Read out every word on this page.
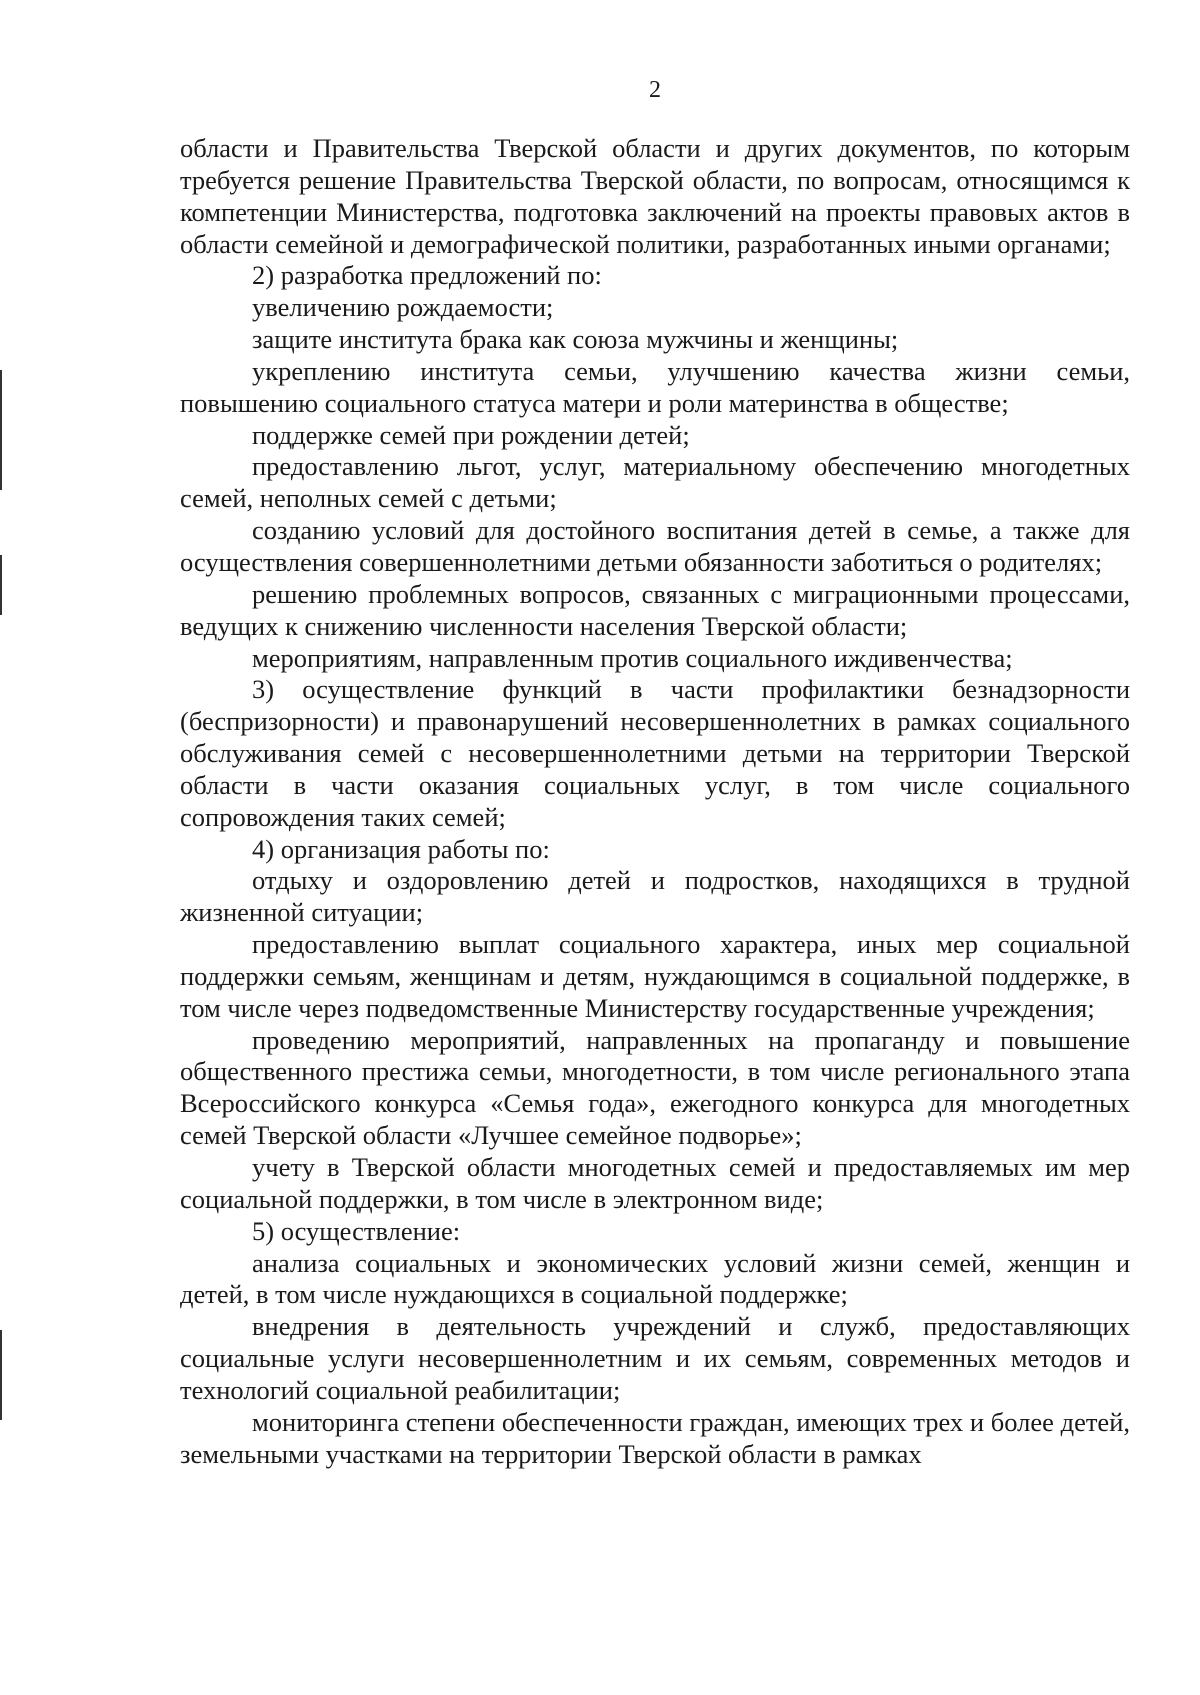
2

области и Правительства Тверской области и других документов, по которым требуется решение Правительства Тверской области, по вопросам, относящимся к компетенции Министерства, подготовка заключений на проекты правовых актов в области семейной и демографической политики, разработанных иными органами;

2) разработка предложений по:

увеличению рождаемости;

защите института брака как союза мужчины и женщины;

укреплению института семьи, улучшению качества жизни семьи, повышению социального статуса матери и роли материнства в обществе;

поддержке семей при рождении детей;

предоставлению льгот, услуг, материальному обеспечению многодетных семей, неполных семей с детьми;

созданию условий для достойного воспитания детей в семье, а также для осуществления совершеннолетними детьми обязанности заботиться о родителях;

решению проблемных вопросов, связанных с миграционными процессами, ведущих к снижению численности населения Тверской области;

мероприятиям, направленным против социального иждивенчества;

3) осуществление функций в части профилактики безнадзорности (беспризорности) и правонарушений несовершеннолетних в рамках социального обслуживания семей с несовершеннолетними детьми на территории Тверской области в части оказания социальных услуг, в том числе социального сопровождения таких семей;

4) организация работы по:

отдыху и оздоровлению детей и подростков, находящихся в трудной жизненной ситуации;

предоставлению выплат социального характера, иных мер социальной поддержки семьям, женщинам и детям, нуждающимся в социальной поддержке, в том числе через подведомственные Министерству государственные учреждения;

проведению мероприятий, направленных на пропаганду и повышение общественного престижа семьи, многодетности, в том числе регионального этапа Всероссийского конкурса «Семья года», ежегодного конкурса для многодетных семей Тверской области «Лучшее семейное подворье»;

учету в Тверской области многодетных семей и предоставляемых им мер социальной поддержки, в том числе в электронном виде;

5) осуществление:

анализа социальных и экономических условий жизни семей, женщин и детей, в том числе нуждающихся в социальной поддержке;

внедрения в деятельность учреждений и служб, предоставляющих социальные услуги несовершеннолетним и их семьям, современных методов и технологий социальной реабилитации;

мониторинга степени обеспеченности граждан, имеющих трех и более детей, земельными участками на территории Тверской области в рамках
